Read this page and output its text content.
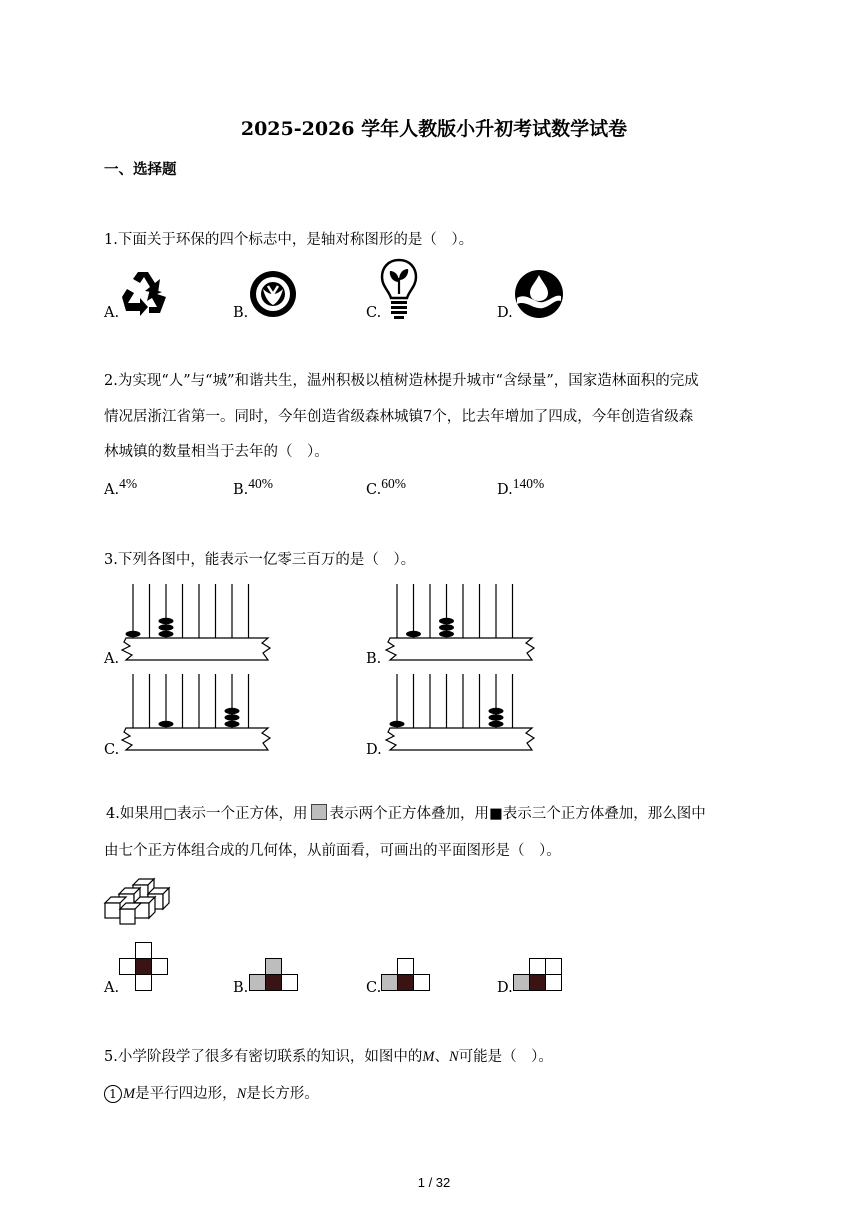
2025-2026 学年人教版小升初考试数学试卷
一、选择题
1.下面关于环保的四个标志中，是轴对称图形的是（　）。
A.	B.	C.	D.
2.为实现“人”与“城”和谐共生，温州积极以植树造林提升城市“含绿量”，国家造林面积的完成
情况居浙江省第一。同时，今年创造省级森林城镇7个，比去年增加了四成，今年创造省级森
林城镇的数量相当于去年的（　）。
A.4%	B.40%	C.60%	D.140%
3.下列各图中，能表示一亿零三百万的是（　）。
A.	B.
C.	D.
4.如果用□表示一个正方体，用 表示两个正方体叠加，用■表示三个正方体叠加，那么图中
由七个正方体组合成的几何体，从前面看，可画出的平面图形是（　）。
A.	B.	C.	D.
5.小学阶段学了很多有密切联系的知识，如图中的M、N可能是（　）。
1 M是平行四边形，N是长方形。
1 / 32
